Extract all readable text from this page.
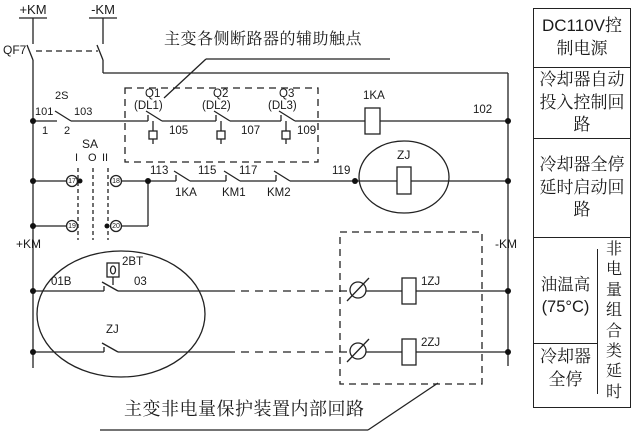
+KM	-KM
QF7
主变各侧断路器的辅助触点
101
2S
103
1 2
SA
Q1
(DL1)
Q2
(DL2)
Q3
(DL3)
105	107	109
1KA
102
I O II
17	18
19	20
113	115 117	119
1KA KM1 KM2
ZJ
+KM	-KM
01B
2BT
03	1ZJ
ZJ
2ZJ
主变非电量保护装置内部回路
DC110V控制电源
冷却器自动投入控制回路
冷却器全停延时启动回路
油温高(75°C)
冷却器全停
非电量组合类延时
